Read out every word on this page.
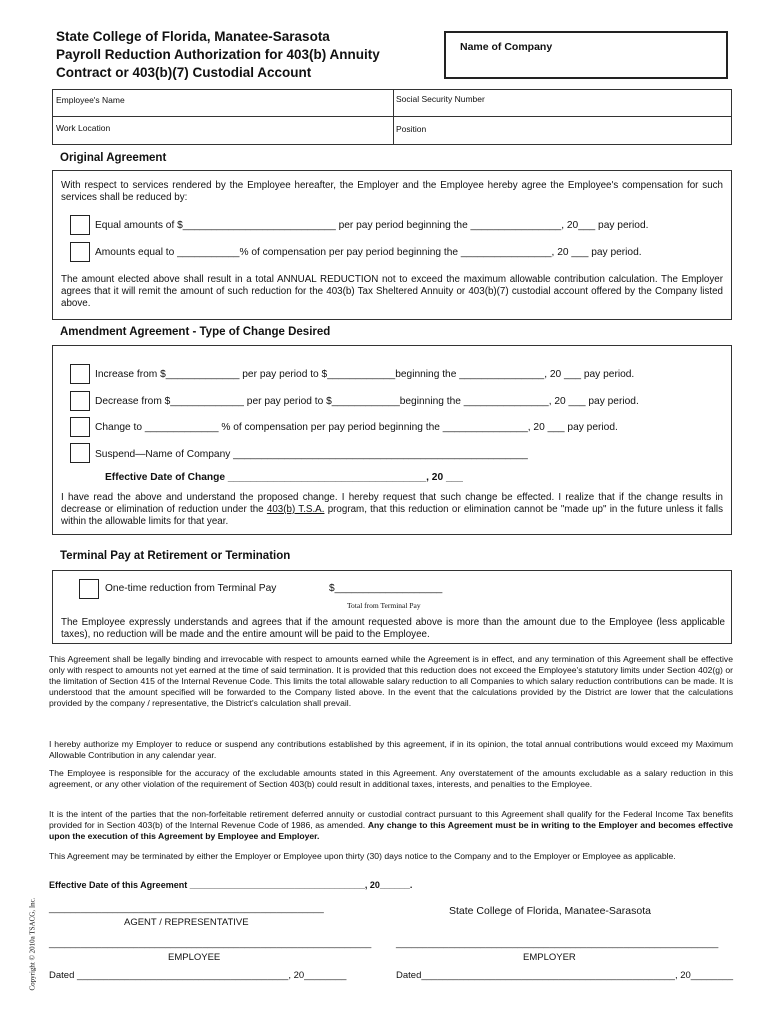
State College of Florida, Manatee-Sarasota
Payroll Reduction Authorization for 403(b) Annuity
Contract or 403(b)(7) Custodial Account
Name of Company
Employee's Name	Social Security Number
Work Location	Position
Original Agreement
With respect to services rendered by the Employee hereafter, the Employer and the Employee hereby agree the Employee's compensation for such services shall be reduced by:
Equal amounts of $___________________________ per pay period beginning the ________________, 20___ pay period.
Amounts equal to ___________% of compensation per pay period beginning the ________________, 20 ___ pay period.
The amount elected above shall result in a total ANNUAL REDUCTION not to exceed the maximum allowable contribution calculation. The Employer agrees that it will remit the amount of such reduction for the 403(b) Tax Sheltered Annuity or 403(b)(7) custodial account offered by the Company listed above.
Amendment Agreement - Type of Change Desired
Increase from $_____________ per pay period to $____________beginning the _______________, 20 ___ pay period.
Decrease from $_____________ per pay period to $____________beginning the _______________, 20 ___ pay period.
Change to _____________ % of compensation per pay period beginning the _______________, 20 ___ pay period.
Suspend—Name of Company ____________________________________________________
Effective Date of Change ___________________________________, 20 ___
I have read the above and understand the proposed change. I hereby request that such change be effected. I realize that if the change results in decrease or elimination of reduction under the 403(b) T.S.A. program, that this reduction or elimination cannot be "made up" in the future unless it falls within the allowable limits for that year.
Terminal Pay at Retirement or Termination
One-time reduction from Terminal Pay	$___________________
Total from Terminal Pay
The Employee expressly understands and agrees that if the amount requested above is more than the amount due to the Employee (less applicable taxes), no reduction will be made and the entire amount will be paid to the Employee.
This Agreement shall be legally binding and irrevocable with respect to amounts earned while the Agreement is in effect, and any termination of this Agreement shall be effective only with respect to amounts not yet earned at the time of said termination. It is provided that this reduction does not exceed the Employee's statutory limits under Section 402(g) or the limitation of Section 415 of the Internal Revenue Code. This limits the total allowable salary reduction to all Companies to which salary reduction contributions can be made. It is understood that the amount specified will be forwarded to the Company listed above. In the event that the calculations provided by the District are lower that the calculations provided by the company / representative, the District's calculation shall prevail.
I hereby authorize my Employer to reduce or suspend any contributions established by this agreement, if in its opinion, the total annual contributions would exceed my Maximum Allowable Contribution in any calendar year.
The Employee is responsible for the accuracy of the excludable amounts stated in this Agreement. Any overstatement of the amounts excludable as a salary reduction in this agreement, or any other violation of the requirement of Section 403(b) could result in additional taxes, interests, and penalties to the Employee.
It is the intent of the parties that the non-forfeitable retirement deferred annuity or custodial contract pursuant to this Agreement shall qualify for the Federal Income Tax benefits provided for in Section 403(b) of the Internal Revenue Code of 1986, as amended. Any change to this Agreement must be in writing to the Employer and becomes effective upon the execution of this Agreement by Employee and Employer.
This Agreement may be terminated by either the Employer or Employee upon thirty (30) days notice to the Company and to the Employer or Employee as applicable.
Effective Date of this Agreement ___________________________________, 20______.
____________________________________________________
AGENT / REPRESENTATIVE
State College of Florida, Manatee-Sarasota
_____________________________________________________________
EMPLOYEE
_____________________________________________________________
EMPLOYER
Dated ________________________________________, 20________	Dated________________________________________________, 20________
Copyright © 2010a TSACG, Inc.
